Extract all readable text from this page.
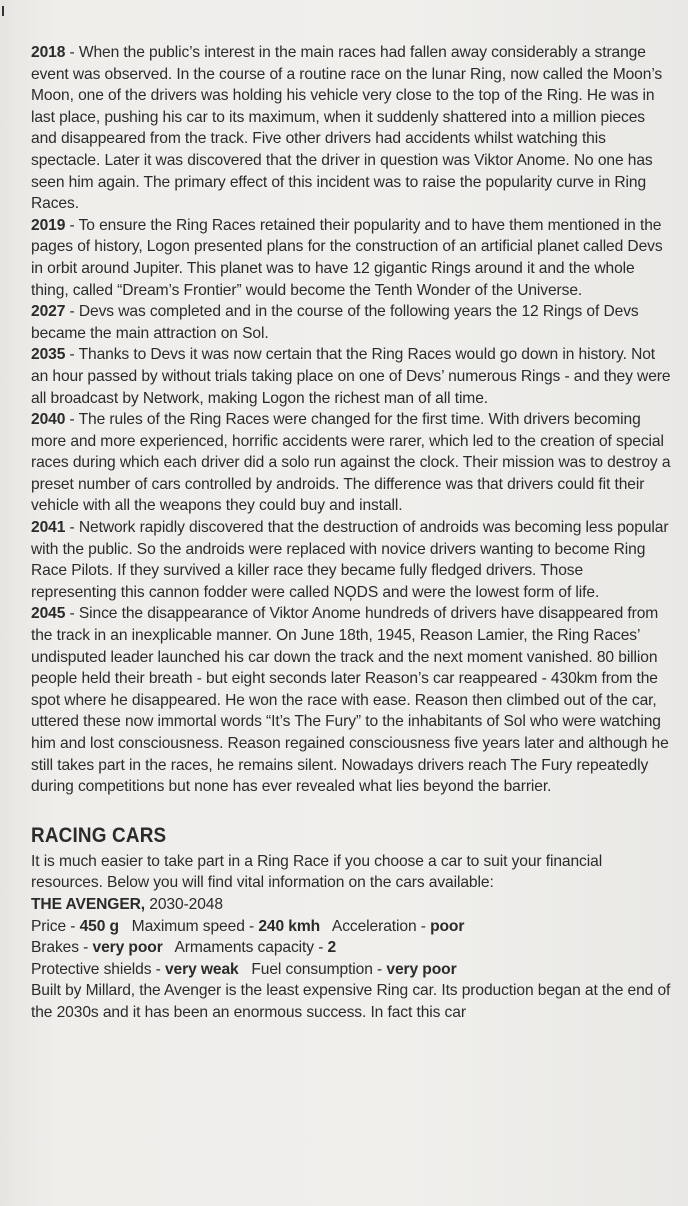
2018 - When the public’s interest in the main races had fallen away considerably a strange event was observed. In the course of a routine race on the lunar Ring, now called the Moon’s Moon, one of the drivers was holding his vehicle very close to the top of the Ring. He was in last place, pushing his car to its maximum, when it suddenly shattered into a million pieces and disappeared from the track. Five other drivers had accidents whilst watching this spectacle. Later it was discovered that the driver in question was Viktor Anome. No one has seen him again. The primary effect of this incident was to raise the popularity curve in Ring Races.

2019 - To ensure the Ring Races retained their popularity and to have them mentioned in the pages of history, Logon presented plans for the construction of an artificial planet called Devs in orbit around Jupiter. This planet was to have 12 gigantic Rings around it and the whole thing, called “Dream’s Frontier” would become the Tenth Wonder of the Universe.

2027 - Devs was completed and in the course of the following years the 12 Rings of Devs became the main attraction on Sol.

2035 - Thanks to Devs it was now certain that the Ring Races would go down in history. Not an hour passed by without trials taking place on one of Devs’ numerous Rings - and they were all broadcast by Network, making Logon the richest man of all time.

2040 - The rules of the Ring Races were changed for the first time. With drivers becoming more and more experienced, horrific accidents were rarer, which led to the creation of special races during which each driver did a solo run against the clock. Their mission was to destroy a preset number of cars controlled by androids. The difference was that drivers could fit their vehicle with all the weapons they could buy and install.

2041 - Network rapidly discovered that the destruction of androids was becoming less popular with the public. So the androids were replaced with novice drivers wanting to become Ring Race Pilots. If they survived a killer race they became fully fledged drivers. Those representing this cannon fodder were called NO̦DS and were the lowest form of life.

2045 - Since the disappearance of Viktor Anome hundreds of drivers have disappeared from the track in an inexplicable manner. On June 18th, 1945, Reason Lamier, the Ring Races’ undisputed leader launched his car down the track and the next moment vanished. 80 billion people held their breath - but eight seconds later Reason’s car reappeared - 430km from the spot where he disappeared. He won the race with ease. Reason then climbed out of the car, uttered these now immortal words “It’s The Fury” to the inhabitants of Sol who were watching him and lost consciousness. Reason regained consciousness five years later and although he still takes part in the races, he remains silent. Nowadays drivers reach The Fury repeatedly during competitions but none has ever revealed what lies beyond the barrier.

RACING CARS

It is much easier to take part in a Ring Race if you choose a car to suit your financial resources. Below you will find vital information on the cars available:

THE AVENGER, 2030-2048

Price - 450 g   Maximum speed - 240 kmh   Acceleration - poor

Brakes - very poor   Armaments capacity - 2

Protective shields - very weak   Fuel consumption - very poor

Built by Millard, the Avenger is the least expensive Ring car. Its production began at the end of the 2030s and it has been an enormous success. In fact this car
